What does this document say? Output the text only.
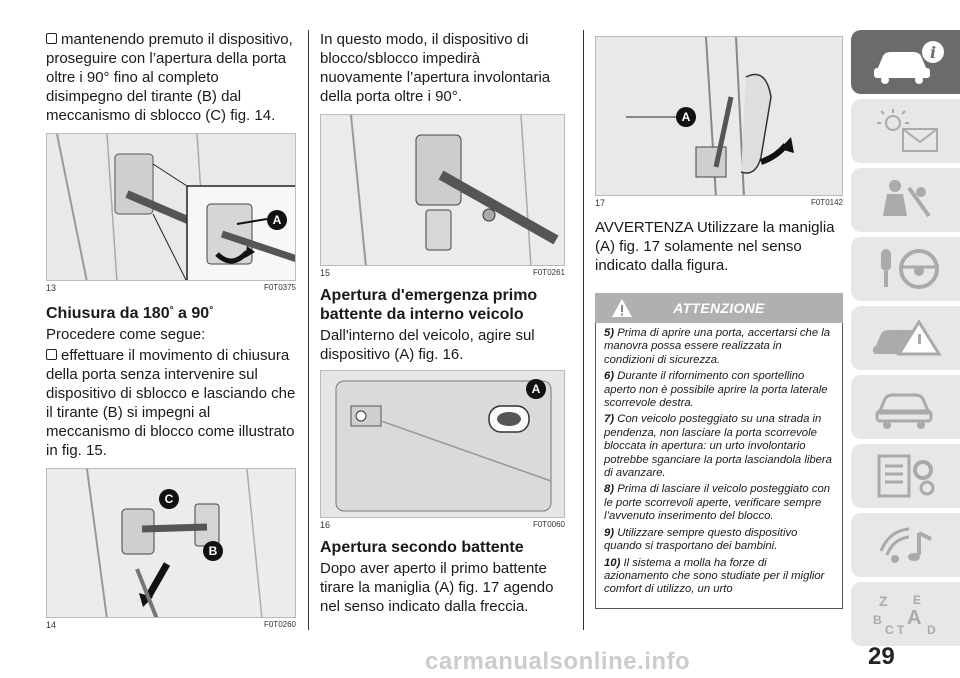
mantenendo premuto il dispositivo, proseguire con l’apertura della porta oltre i 90° fino al completo disimpegno del tirante (B) dal meccanismo di sblocco (C) fig. 14.

A
13	F0T0375
Chiusura da 180° a 90°

Procedere come segue:

effettuare il movimento di chiusura della porta senza intervenire sul dispositivo di sblocco e lasciando che il tirante (B) si impegni al meccanismo di blocco come illustrato in fig. 15.

C
B
14	F0T0260

In questo modo, il dispositivo di blocco/sblocco impedirà nuovamente l’apertura involontaria della porta oltre i 90°.

15	F0T0261
Apertura d'emergenza primo battente da interno veicolo

Dall'interno del veicolo, agire sul dispositivo (A) fig. 16.

A
16	F0T0060
Apertura secondo battente

Dopo aver aperto il primo battente tirare la maniglia (A) fig. 17 agendo nel senso indicato dalla freccia.

A
17	F0T0142

AVVERTENZA Utilizzare la maniglia (A) fig. 17 solamente nel senso indicato dalla figura.

ATTENZIONE

5) Prima di aprire una porta, accertarsi che la manovra possa essere realizzata in condizioni di sicurezza.

6) Durante il rifornimento con sportellino aperto non è possibile aprire la porta laterale scorrevole destra.

7) Con veicolo posteggiato su una strada in pendenza, non lasciare la porta scorrevole bloccata in apertura: un urto involontario potrebbe sganciare la porta lasciandola libera di avanzare.

8) Prima di lasciare il veicolo posteggiato con le porte scorrevoli aperte, verificare sempre l’avvenuto inserimento del blocco.

9) Utilizzare sempre questo dispositivo quando si trasportano dei bambini.

10) Il sistema a molla ha forze di azionamento che sono studiate per il miglior comfort di utilizzo, un urto

i
Z E
A
B
C T D
carmanualsonline.info	29
